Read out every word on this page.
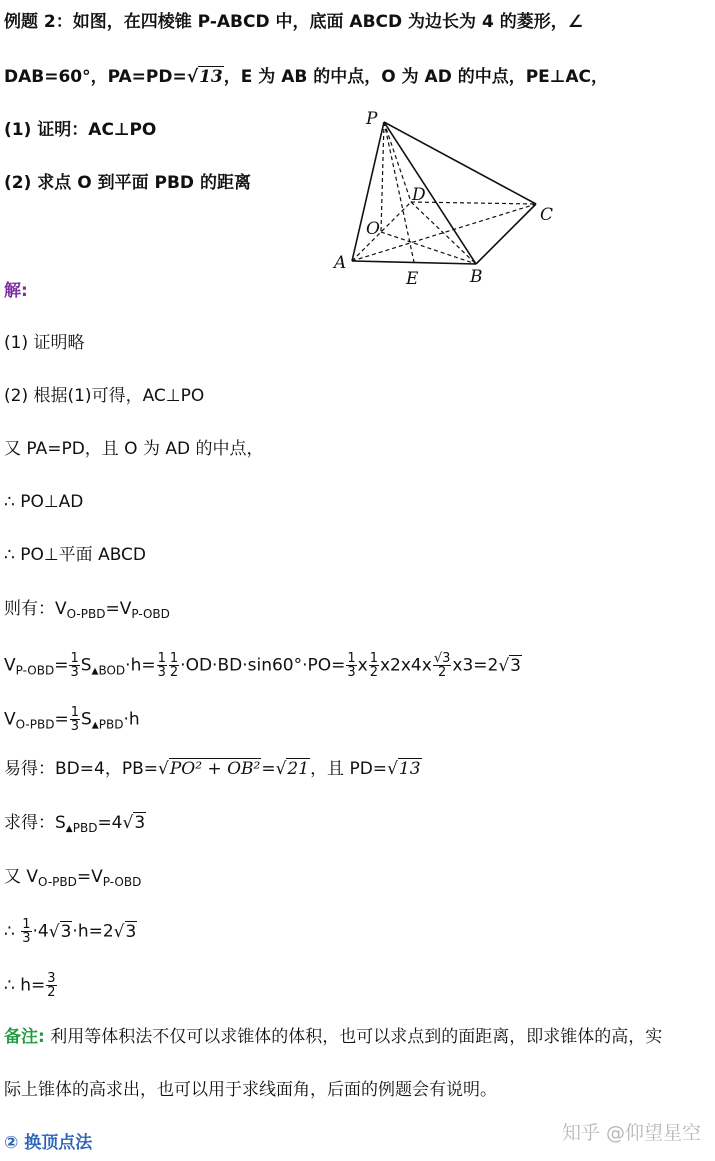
例题 2：如图，在四棱锥 P-ABCD 中，底面 ABCD 为边长为 4 的菱形，∠
DAB=60°，PA=PD=√13，E 为 AB 的中点，O 为 AD 的中点，PE⊥AC，
(1) 证明：AC⊥PO
(2) 求点 O 到平面 PBD 的距离
P
A
B
C
D
E
O
解:
(1) 证明略
(2) 根据(1)可得，AC⊥PO
又 PA=PD，且 O 为 AD 的中点，
∴ PO⊥AD
∴ PO⊥平面 ABCD
则有：$V_{O-PBD}=V_{P-OBD}$
$V_{P-OBD}= \frac{1}{3}$ $S▲_{BOD}\cdot h= \frac{1}{3} \frac{1}{2} \cdot OD\cdot BD\cdot\sin 60^\circ\cdot PO= \frac{1}{3}$ x $\frac{1}{2} x2x4x \frac{√3}{2} x3=2√3$
$V_{O-PBD}= \frac{1}{3}$ $S▲_{PBD}\cdot h$
易得：BD=4，PB=√PO² + OB²=√21，且 PD=√13
求得：$S▲_{PBD}=4√3$
又 $V_{O-PBD}=V_{P-OBD}$
∴ $\frac{1}{3} \cdot 4√3\cdot h=2√3$
∴ $h= \frac{3}{2}$
备注: 利用等体积法不仅可以求锥体的体积，也可以求点到的面距离，即求锥体的高，实
际上锥体的高求出，也可以用于求线面角，后面的例题会有说明。
② 换顶点法	知乎 @仰望星空
